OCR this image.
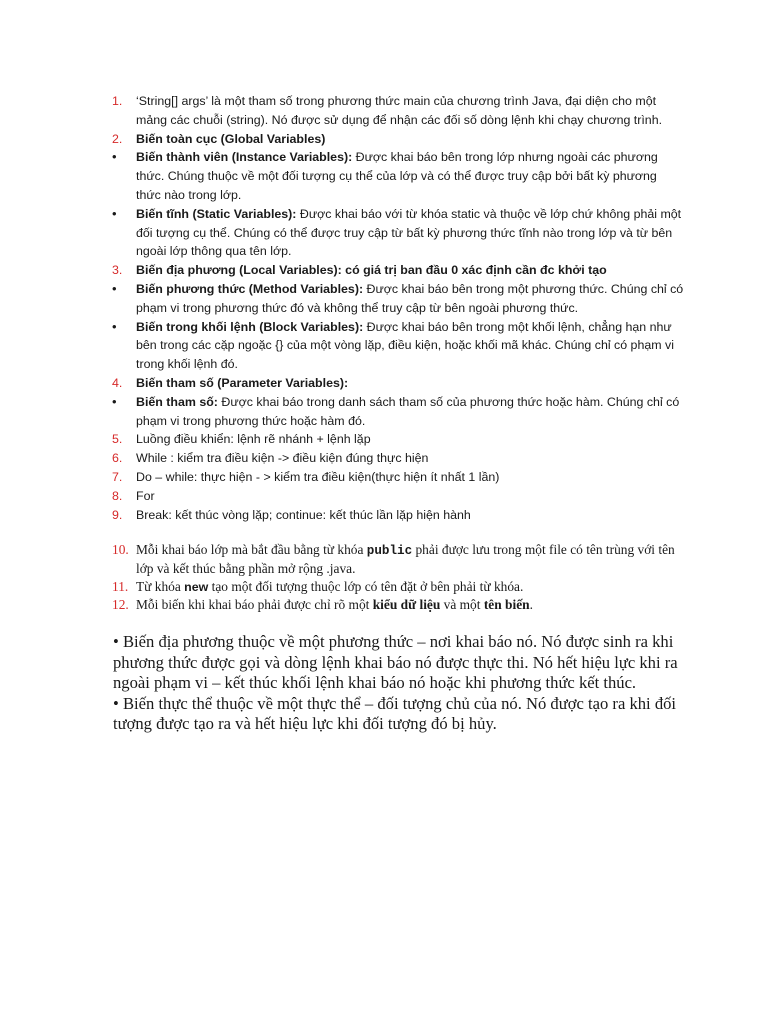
1. ‘String[] args’ là một tham số trong phương thức main của chương trình Java, đại diện cho một mảng các chuỗi (string). Nó được sử dụng để nhận các đối số dòng lệnh khi chạy chương trình.
2. Biến toàn cục (Global Variables)
• Biến thành viên (Instance Variables): Được khai báo bên trong lớp nhưng ngoài các phương thức. Chúng thuộc về một đối tượng cụ thể của lớp và có thể được truy cập bởi bất kỳ phương thức nào trong lớp.
• Biến tĩnh (Static Variables): Được khai báo với từ khóa static và thuộc về lớp chứ không phải một đối tượng cụ thể. Chúng có thể được truy cập từ bất kỳ phương thức tĩnh nào trong lớp và từ bên ngoài lớp thông qua tên lớp.
3. Biến địa phương (Local Variables): có giá trị ban đầu 0 xác định cần đc khởi tạo
• Biến phương thức (Method Variables): Được khai báo bên trong một phương thức. Chúng chỉ có phạm vi trong phương thức đó và không thể truy cập từ bên ngoài phương thức.
• Biến trong khối lệnh (Block Variables): Được khai báo bên trong một khối lệnh, chẳng hạn như bên trong các cặp ngoặc {} của một vòng lặp, điều kiện, hoặc khối mã khác. Chúng chỉ có phạm vi trong khối lệnh đó.
4. Biến tham số (Parameter Variables):
• Biến tham số: Được khai báo trong danh sách tham số của phương thức hoặc hàm. Chúng chỉ có phạm vi trong phương thức hoặc hàm đó.
5. Luồng điều khiển: lệnh rẽ nhánh + lệnh lặp
6. While : kiểm tra điều kiện -> điều kiện đúng thực hiện
7. Do – while: thực hiện - > kiểm tra điều kiện(thực hiện ít nhất 1 lần)
8. For
9. Break: kết thúc vòng lặp; continue: kết thúc lần lặp hiện hành
10. Mỗi khai báo lớp mà bắt đầu bằng từ khóa public phải được lưu trong một file có tên trùng với tên lớp và kết thúc bằng phần mở rộng .java.
11. Từ khóa new tạo một đối tượng thuộc lớp có tên đặt ở bên phải từ khóa.
12. Mỗi biến khi khai báo phải được chỉ rõ một kiểu dữ liệu và một tên biến.

• Biến địa phương thuộc về một phương thức – nơi khai báo nó. Nó được sinh ra khi phương thức được gọi và dòng lệnh khai báo nó được thực thi. Nó hết hiệu lực khi ra ngoài phạm vi – kết thúc khối lệnh khai báo nó hoặc khi phương thức kết thúc.

• Biến thực thể thuộc về một thực thể – đối tượng chủ của nó. Nó được tạo ra khi đối tượng được tạo ra và hết hiệu lực khi đối tượng đó bị hủy.
